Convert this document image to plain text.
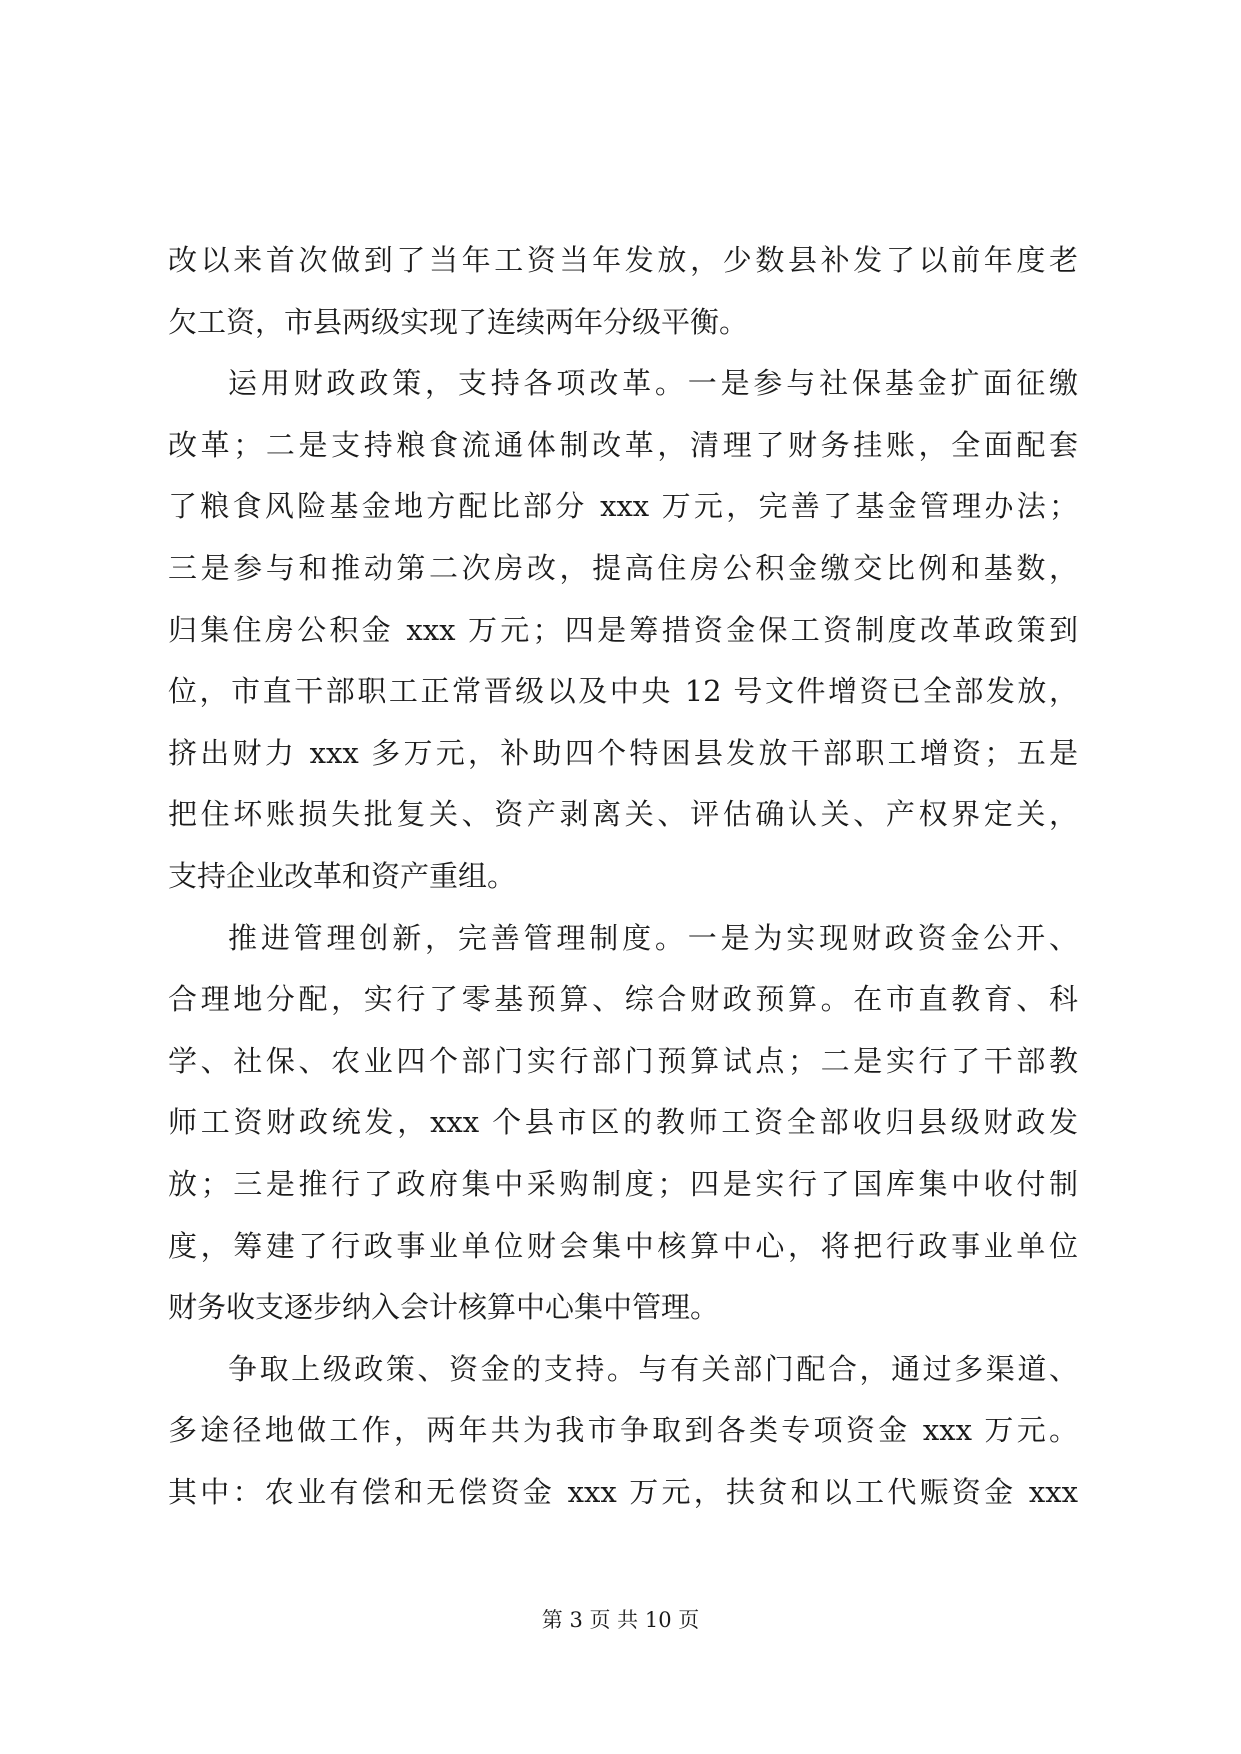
改以来首次做到了当年工资当年发放，少数县补发了以前年度老
欠工资，市县两级实现了连续两年分级平衡。
运用财政政策，支持各项改革。一是参与社保基金扩面征缴
改革；二是支持粮食流通体制改革，清理了财务挂账，全面配套
了粮食风险基金地方配比部分 xxx 万元，完善了基金管理办法；
三是参与和推动第二次房改，提高住房公积金缴交比例和基数，
归集住房公积金 xxx 万元；四是筹措资金保工资制度改革政策到
位，市直干部职工正常晋级以及中央 12 号文件增资已全部发放，
挤出财力 xxx 多万元，补助四个特困县发放干部职工增资；五是
把住坏账损失批复关、资产剥离关、评估确认关、产权界定关，
支持企业改革和资产重组。
推进管理创新，完善管理制度。一是为实现财政资金公开、
合理地分配，实行了零基预算、综合财政预算。在市直教育、科
学、社保、农业四个部门实行部门预算试点；二是实行了干部教
师工资财政统发，xxx 个县市区的教师工资全部收归县级财政发
放；三是推行了政府集中采购制度；四是实行了国库集中收付制
度，筹建了行政事业单位财会集中核算中心，将把行政事业单位
财务收支逐步纳入会计核算中心集中管理。
争取上级政策、资金的支持。与有关部门配合，通过多渠道、
多途径地做工作，两年共为我市争取到各类专项资金 xxx 万元。
其中：农业有偿和无偿资金 xxx 万元，扶贫和以工代赈资金 xxx
第 3 页 共 10 页
